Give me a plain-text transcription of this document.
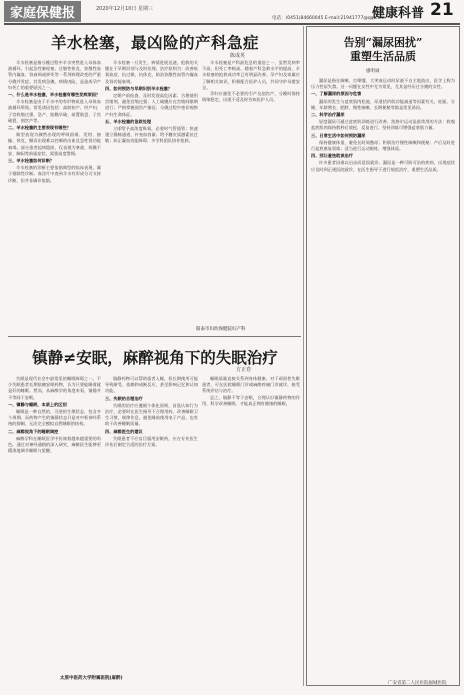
家庭保健报	2020年12月10日 星期三	健康科普 21
电话：(0451)84660045 E-mail:21941777@qq.com
羊水栓塞，最凶险的产科急症
陈成英

羊水栓塞是指分娩过程中羊水突然进入母体血液循环，引起急性肺栓塞、过敏性休克、弥散性血管内凝血、肾衰竭或猝死等一系列病理改变的严重分娩并发症。其发病急骤，病情凶险，是造成孕产妇死亡的重要原因之一。

一、什么是羊水栓塞，羊水栓塞有哪些发病原因？

羊水栓塞是由于羊水中的有形物质进入母体血液循环所致。常见诱因包括：高龄初产、经产妇、子宫收缩过强、急产、胎膜早破、前置胎盘、子宫破裂、剖宫产等。

二、羊水栓塞的主要表现有哪些？

典型表现为骤然出现的呼吸困难、发绀、抽搐、休克，继而出现难以控制的出血及急性肾功能衰竭。部分患者起病隐匿，仅表现为寒战、烦躁不安、胸闷等前驱症状，需要高度警惕。

三、羊水栓塞如何诊断？

羊水栓塞的诊断主要依据典型的临床表现，属于排除性诊断。血涂片中查到羊水有形成分可支持诊断，但并非确诊依据。

羊水栓塞一旦发生，病情进展迅速，抢救的关键在于早期识别与及时处理。治疗原则为：改善低氧血症、抗过敏、抗休克、防治弥散性血管内凝血及肾功能衰竭。

四、如何预防与早期识别羊水栓塞？

定期产前检查，及时发现高危因素；合理使用宫缩剂，避免宫缩过强；人工破膜应在宫缩间歇期进行；严格掌握剖宫产指征；分娩过程中密切观察产妇生命体征。

五、羊水栓塞的急救处理

立即给予高浓度吸氧，必要时气管插管；快速建立静脉通道，补充血容量；给予糖皮质激素抗过敏；纠正凝血功能障碍；多学科团队协作抢救。

羊水栓塞是产科最危急的重症之一，虽然发病率不高，但死亡率极高。随着产科急救水平的提高，羊水栓塞的抢救成功率已有明显改善。孕产妇及家属应了解相关知识，积极配合医护人员，共同守护母婴安全。

孕妇应避免不必要的引产及剖宫产，分娩时保持情绪稳定，出现不适及时告知医护人员。

阳泰市妇幼保健院妇产科
镇静≠安眠，麻醉视角下的失眠治疗
方正卷

失眠是现代社会中最常见的睡眠障碍之一。不少失眠患者长期依赖安眠药物，认为只要能睡着就是好的睡眠。然而，从麻醉学的角度来看，镇静并不等同于安眠。

一、镇静与睡眠，本质上的区别

睡眠是一种自然的、可逆的生理状态，包含多个周期。而药物产生的镇静状态只是对中枢神经系统的抑制，无法完全模拟自然睡眠的结构。

二、麻醉视角下的睡眠调控

麻醉学科在睡眠医学中扮演着越来越重要的角色。通过对神经通路的深入研究，麻醉医生能够更精准地调节睡眠与觉醒。

镇静药物可以帮助患者入睡，但长期使用可能导致耐受、依赖和戒断反应，甚至影响记忆和认知功能。

三、失眠的合理治疗

失眠的治疗应遵循个体化原则，首选认知行为治疗，必要时在医生指导下合理用药。改善睡眠卫生习惯，规律作息，避免睡前使用电子产品，也有助于改善睡眠质量。

四、麻醉医生的建议

失眠患者不应盲目服用安眠药，应在专业医生评估后制定合适的治疗方案。

睡眠质量直接关系到身体健康。对于顽固性失眠患者，可在医院睡眠门诊或麻醉疼痛门诊就诊，接受系统评估与治疗。

总之，镇静不等于安眠，合理认识镇静药物的作用，科学改善睡眠，才能真正拥有健康的睡眠。

太原中医药大学附属医院(麻醉)
告别“漏尿困扰”
重塑生活品质
廖明诚

漏尿是指在咳嗽、打喷嚏、大笑或运动时尿液不自主地流出，医学上称为压力性尿失禁。这一问题在女性中尤为常见，尤其是经历过分娩的女性。

一、了解漏尿的原因与危害

漏尿的发生与盆底肌肉松弛、尿道括约肌功能减退等因素有关。妊娠、分娩、年龄增长、肥胖、慢性咳嗽、长期便秘等都是常见诱因。

二、科学治疗漏尿

轻度漏尿可通过盆底肌训练进行改善。凯格尔运动是最常用的方法：收缩盆底肌肉保持数秒后放松，反复进行。坚持训练可增强盆底肌力量。

三、日常生活中如何预防漏尿

保持健康体重，避免长时间憋尿；积极治疗慢性咳嗽和便秘；产后及时进行盆底康复训练；适当进行运动锻炼，增强体质。

四、别让羞怯耽误治疗

许多患者因难以启齿而延误就诊。漏尿是一种可防可治的疾病，出现症状应及时到正规医院就诊，在医生指导下进行规范治疗，重塑生活品质。

广安省第二人民医院福城医院
